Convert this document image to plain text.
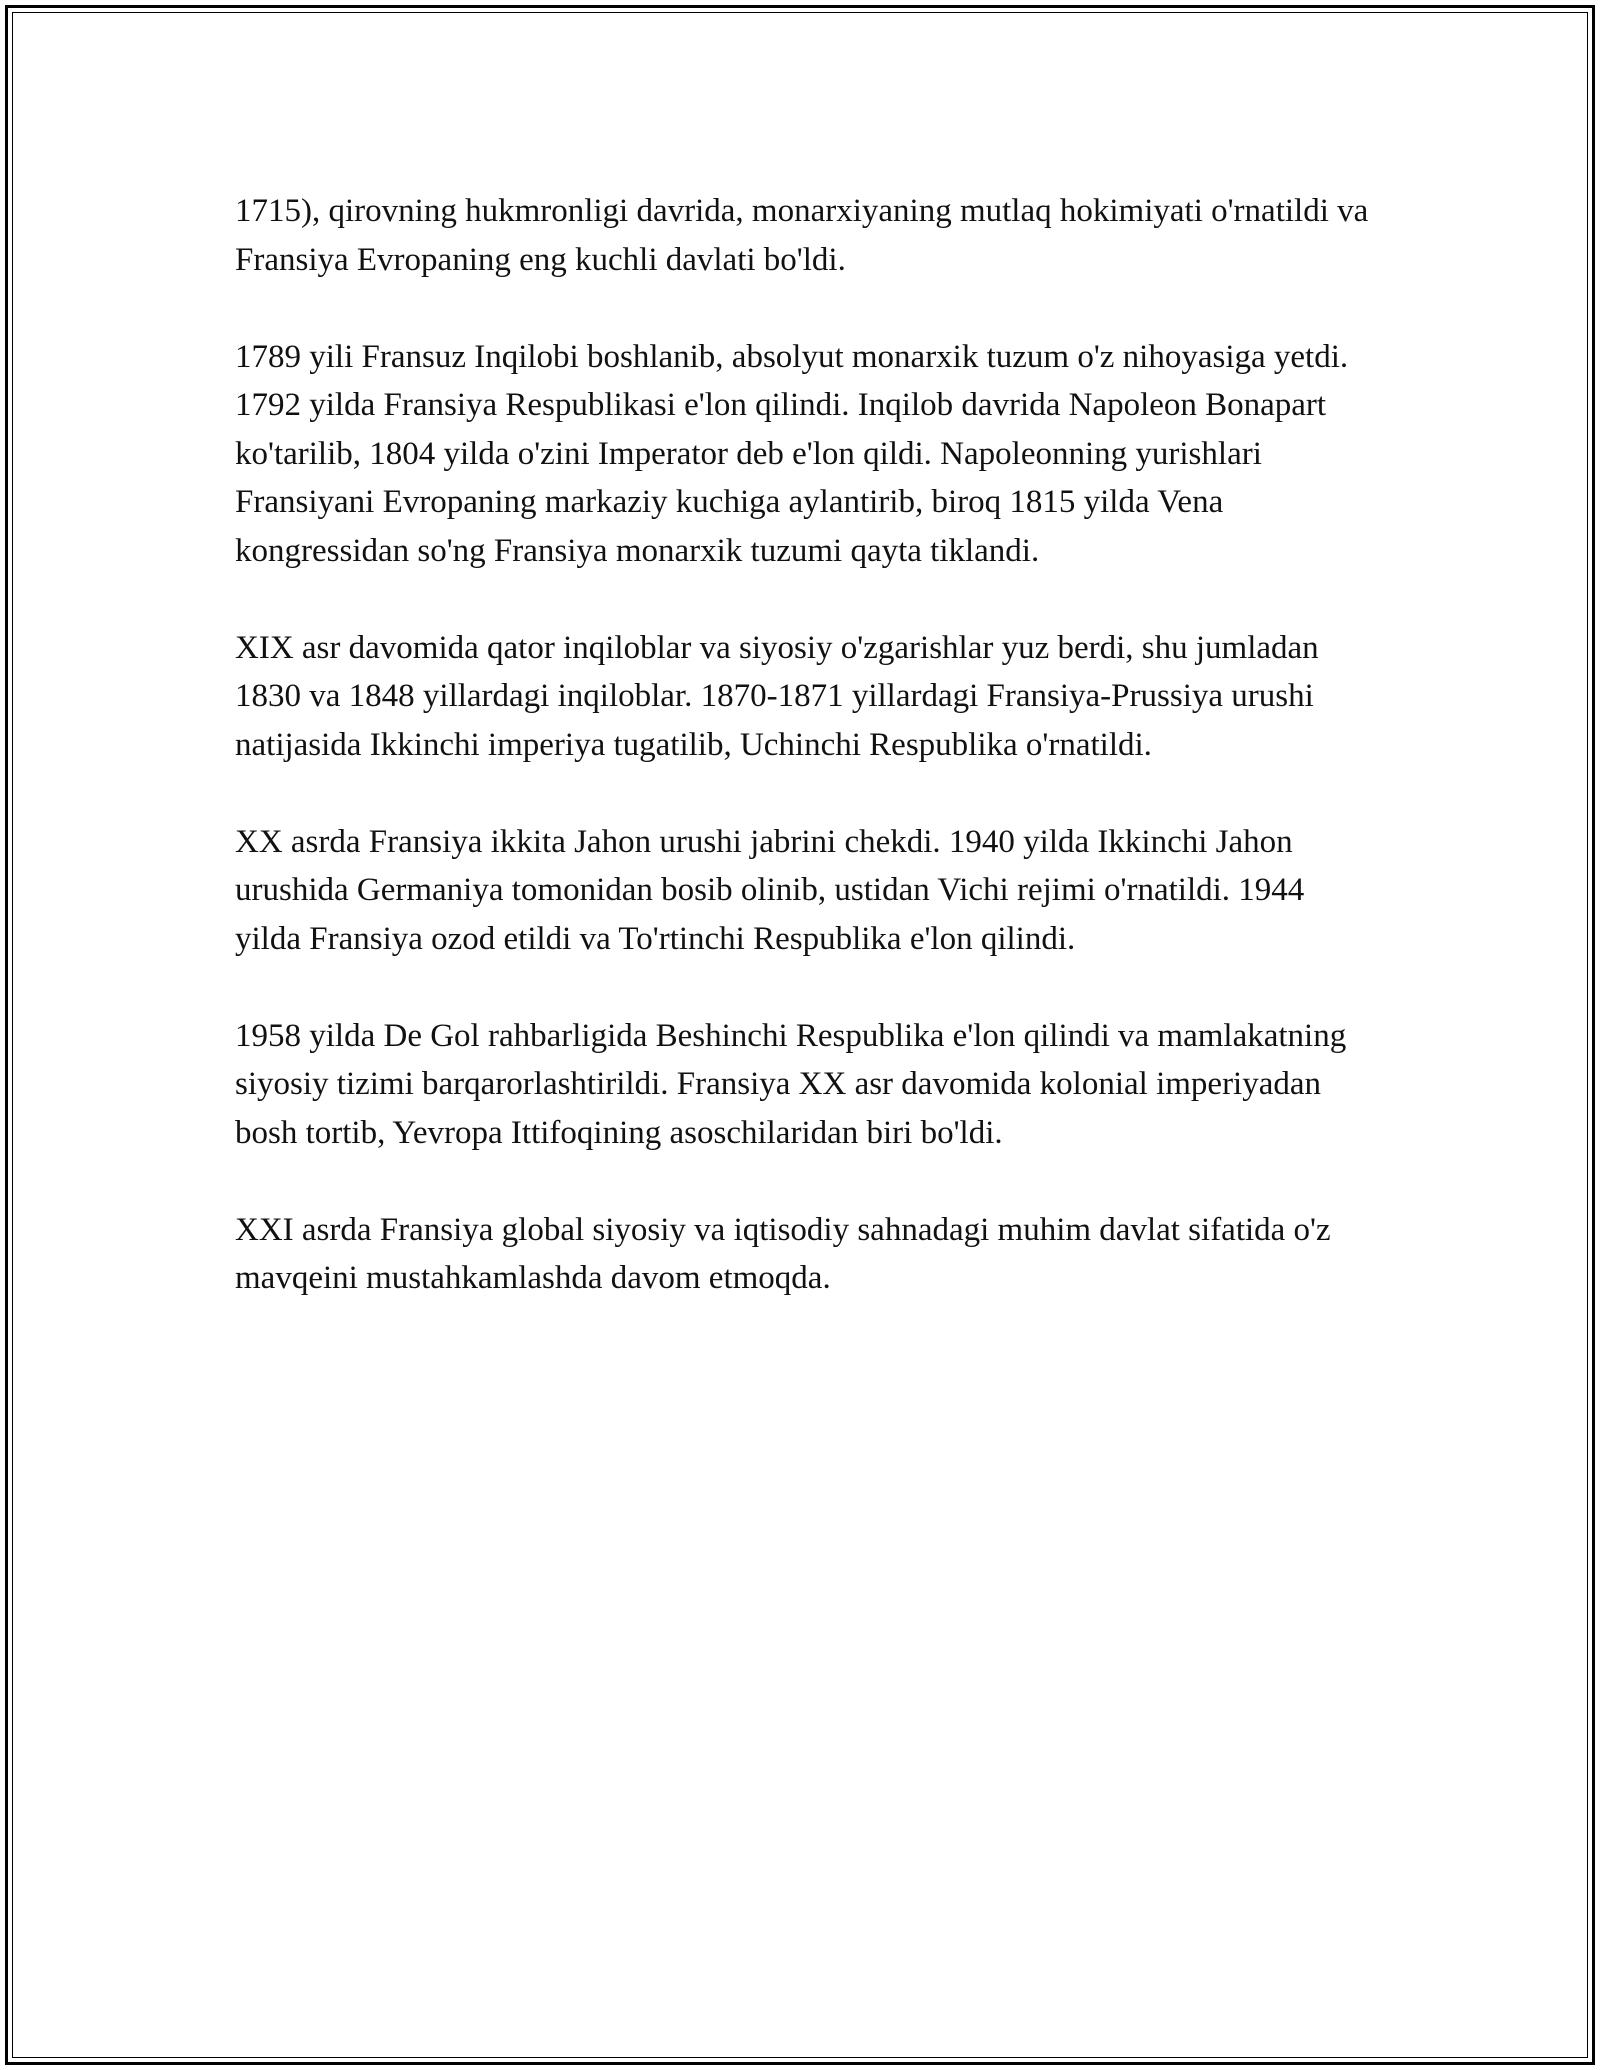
1715), qirovning hukmronligi davrida, monarxiyaning mutlaq hokimiyati o'rnatildi va Fransiya Evropaning eng kuchli davlati bo'ldi.

1789 yili Fransuz Inqilobi boshlanib, absolyut monarxik tuzum o'z nihoyasiga yetdi. 1792 yilda Fransiya Respublikasi e'lon qilindi. Inqilob davrida Napoleon Bonapart ko'tarilib, 1804 yilda o'zini Imperator deb e'lon qildi. Napoleonning yurishlari Fransiyani Evropaning markaziy kuchiga aylantirib, biroq 1815 yilda Vena kongressidan so'ng Fransiya monarxik tuzumi qayta tiklandi.

XIX asr davomida qator inqiloblar va siyosiy o'zgarishlar yuz berdi, shu jumladan 1830 va 1848 yillardagi inqiloblar. 1870-1871 yillardagi Fransiya-Prussiya urushi natijasida Ikkinchi imperiya tugatilib, Uchinchi Respublika o'rnatildi.

XX asrda Fransiya ikkita Jahon urushi jabrini chekdi. 1940 yilda Ikkinchi Jahon urushida Germaniya tomonidan bosib olinib, ustidan Vichi rejimi o'rnatildi. 1944 yilda Fransiya ozod etildi va To'rtinchi Respublika e'lon qilindi.

1958 yilda De Gol rahbarligida Beshinchi Respublika e'lon qilindi va mamlakatning siyosiy tizimi barqarorlashtirildi. Fransiya XX asr davomida kolonial imperiyadan bosh tortib, Yevropa Ittifoqining asoschilaridan biri bo'ldi.

XXI asrda Fransiya global siyosiy va iqtisodiy sahnadagi muhim davlat sifatida o'z mavqeini mustahkamlashda davom etmoqda.
